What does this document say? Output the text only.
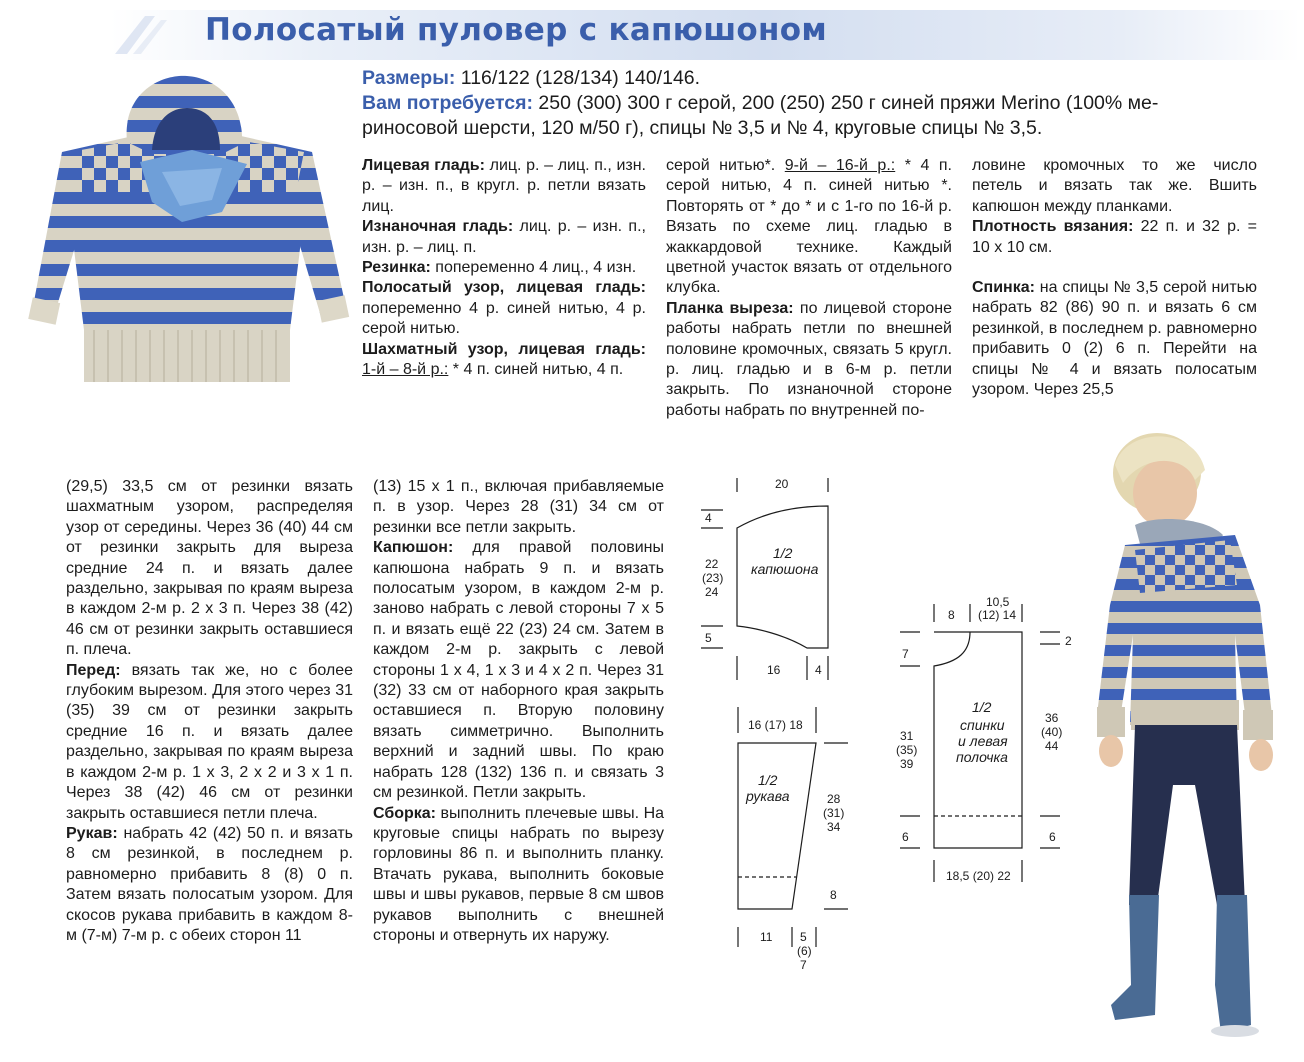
Полосатый пуловер с капюшоном
Размеры: 116/122 (128/134) 140/146.
Вам потребуется: 250 (300) 300 г серой, 200 (250) 250 г синей пряжи Merino (100% ме-
риносовой шерсти, 120 м/50 г), спицы № 3,5 и № 4, круговые спицы № 3,5.

Лицевая гладь: лиц. р. – лиц. п., изн. р. – изн. п., в кругл. р. петли вязать лиц.

Изнаночная гладь: лиц. р. – изн. п., изн. р. – лиц. п.

Резинка: попеременно 4 лиц., 4 изн.

Полосатый узор, лицевая гладь: попеременно 4 р. синей нитью, 4 р. серой нитью.

Шахматный узор, лицевая гладь: 1-й – 8-й р.: * 4 п. синей нитью, 4 п.

серой нитью*. 9-й – 16-й р.: * 4 п. серой нитью, 4 п. синей нитью *. Повторять от * до * и с 1-го по 16-й р. Вязать по схеме лиц. гладью в жаккардовой технике. Каждый цветной участок вязать от отдельного клубка.

Планка выреза: по лицевой стороне работы набрать петли по внешней половине кромочных, связать 5 кругл. р. лиц. гладью и в 6-м р. петли закрыть. По изнаночной стороне работы набрать по внутренней по-

ловине кромочных то же число петель и вязать так же. Вшить капюшон между планками.

Плотность вязания: 22 п. и 32 р. = 10 x 10 см.

Спинка: на спицы № 3,5 серой нитью набрать 82 (86) 90 п. и вязать 6 см резинкой, в последнем р. равномерно прибавить 0 (2) 6 п. Перейти на спицы № 4 и вязать полосатым узором. Через 25,5

(29,5) 33,5 см от резинки вязать шахматным узором, распределяя узор от середины. Через 36 (40) 44 см от резинки закрыть для выреза средние 24 п. и вязать далее раздельно, закрывая по краям выреза в каждом 2-м р. 2 x 3 п. Через 38 (42) 46 см от резинки закрыть оставшиеся п. плеча.

Перед: вязать так же, но с более глубоким вырезом. Для этого через 31 (35) 39 см от резинки закрыть средние 16 п. и вязать далее раздельно, закрывая по краям выреза в каждом 2-м р. 1 x 3, 2 x 2 и 3 x 1 п. Через 38 (42) 46 см от резинки закрыть оставшиеся петли плеча.

Рукав: набрать 42 (42) 50 п. и вязать 8 см резинкой, в последнем р. равномерно прибавить 8 (8) 0 п. Затем вязать полосатым узором. Для скосов рукава прибавить в каждом 8-м (7-м) 7-м р. с обеих сторон 11

(13) 15 x 1 п., включая прибавляемые п. в узор. Через 28 (31) 34 см от резинки все петли закрыть.

Капюшон: для правой половины капюшона набрать 9 п. и вязать полосатым узором, в каждом 2-м р. заново набрать с левой стороны 7 x 5 п. и вязать ещё 22 (23) 24 см. Затем в каждом 2-м р. закрыть с левой стороны 1 x 4, 1 x 3 и 4 x 2 п. Через 31 (32) 33 см от наборного края закрыть оставшиеся п. Вторую половину вязать симметрично. Выполнить верхний и задний швы. По краю набрать 128 (132) 136 п. и связать 3 см резинкой. Петли закрыть.

Сборка: выполнить плечевые швы. На круговые спицы набрать по вырезу горловины 86 п. и выполнить планку. Втачать рукава, выполнить боковые швы и швы рукавов, первые 8 см швов рукавов выполнить с внешней стороны и отвернуть их наружу.

20
4
22
(23)
24
5
16	4
1/2
капюшона
16 (17) 18
28
(31)
34
8
11 5
(6)
7
1/2
рукава
8
10,5
(12) 14
2
7
31
(35)
39
36
(40)
44
6	6
18,5 (20) 22
1/2
спинки
и левая
полочка
